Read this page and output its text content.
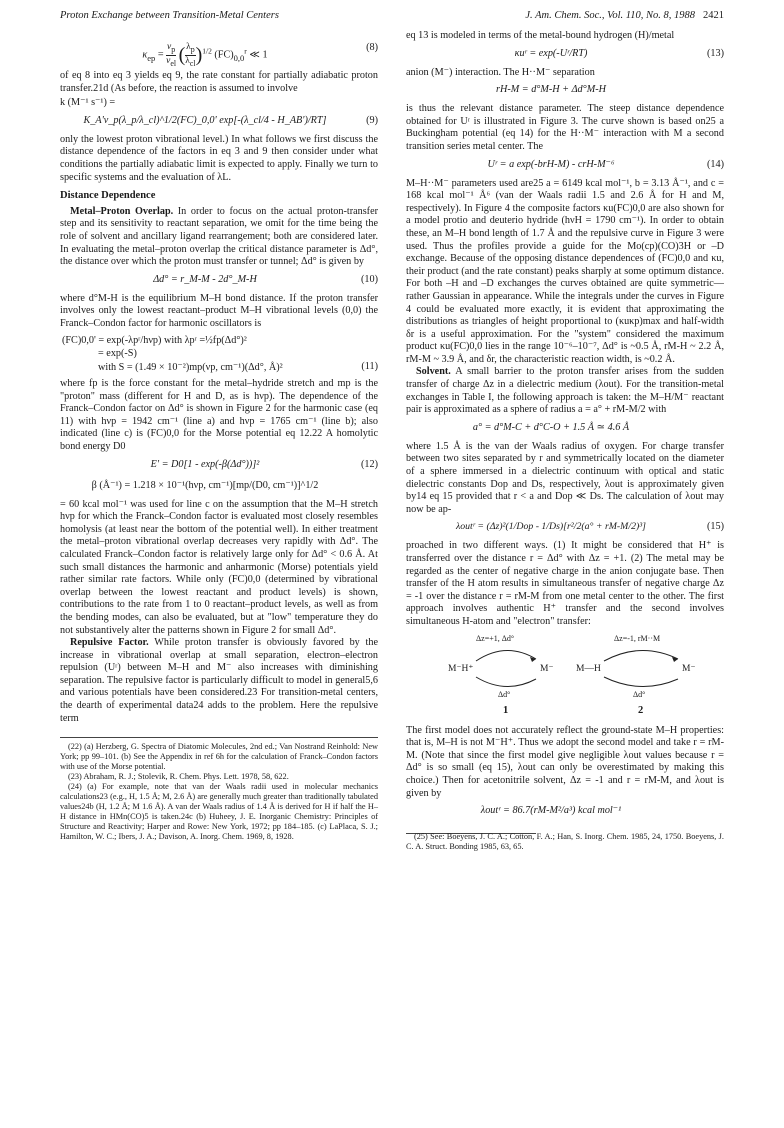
Proton Exchange between Transition-Metal Centers	J. Am. Chem. Soc., Vol. 110, No. 8, 1988 2421
$\kappa_{ep}$ =
$\nu_p$
$\nu_{el}$ ( $\lambda_p$
$\lambda_{cl}$ )$^{1/2}$ $(FC)_{0,0}^r$ ≪ 1
(8)

of eq 8 into eq 3 yields eq 9, the rate constant for partially adiabatic proton transfer.21d (As before, the reaction is assumed to involve

k (M⁻¹ s⁻¹) =

K_A'ν_p(λ_p/λ_cl)^1/2(FC)_0,0' exp[-(λ_cl/4 - H_AB')/RT]	(9)

only the lowest proton vibrational level.) In what follows we first discuss the distance dependence of the factors in eq 3 and 9 then consider under what conditions the partially adiabatic limit is expected to apply. Finally we turn to specific systems and the evaluation of λL.

Distance Dependence

Metal–Proton Overlap. In order to focus on the actual proton-transfer step and its sensitivity to reactant separation, we omit for the time being the role of solvent and ancillary ligand rearrangement; both are considered later. In evaluating the metal–proton overlap the critical distance parameter is Δd°, the distance over which the proton must transfer or tunnel; Δd° is given by

Δd° = r_M-M - 2d°_M-H	(10)

where d°M-H is the equilibrium M–H bond distance. If the proton transfer involves only the lowest reactant–product M–H vibrational levels (0,0) the Franck–Condon factor for harmonic oscillators is

(FC)0,0' = exp(-λpʳ/hνp) with λpʳ =½fp(Δd°)²
= exp(-S)
with S = (1.49 × 10⁻²)mp(νp, cm⁻¹)(Δd°, Å)²	(11)

where fp is the force constant for the metal–hydride stretch and mp is the "proton" mass (different for H and D, as is hνp). The dependence of the Franck–Condon factor on Δd° is shown in Figure 2 for the harmonic case (eq 11) with hνp = 1942 cm⁻¹ (line a) and hνp = 1765 cm⁻¹ (line b); also indicated (line c) is (FC)0,0 for the Morse potential eq 12.22 A homolytic bond energy D0

E' = D0[1 - exp(-β(Δd°))]²	(12)
β (Å⁻¹) = 1.218 × 10⁻¹(hνp, cm⁻¹)[mp/(D0, cm⁻¹)]^1/2

= 60 kcal mol⁻¹ was used for line c on the assumption that the M–H stretch hνp for which the Franck–Condon factor is evaluated most closely resembles homolysis (at least near the bottom of the potential well). In either treatment the metal–proton vibrational overlap decreases very rapidly with Δd°. The calculated Franck–Condon factor is relatively large only for Δd° < 0.6 Å. At such small distances the harmonic and anharmonic (Morse) potentials yield rather similar rate factors. While only (FC)0,0 (determined by vibrational overlap between the lowest reactant and product levels) is shown, contributions to the rate from 1 to 0 reactant–product levels, as well as from the bending modes, can also be evaluated, but at "low" temperature they do not substantively alter the patterns shown in Figure 2 for small Δd°.

Repulsive Factor. While proton transfer is obviously favored by the increase in vibrational overlap at small separation, electron–electron repulsion (Uʳ) between M–H and M⁻ also increases with diminishing separation. The repulsive factor is particularly difficult to model in general5,6 and various potentials have been considered.23 For transition-metal centers, the dearth of experimental data24 adds to the problem. Here the repulsive term

(22) (a) Herzberg, G. Spectra of Diatomic Molecules, 2nd ed.; Van Nostrand Reinhold: New York; pp 99–101. (b) See the Appendix in ref 6h for the calculation of Franck–Condon factors with use of the Morse potential.

(23) Abraham, R. J.; Stolevik, R. Chem. Phys. Lett. 1978, 58, 622.

(24) (a) For example, note that van der Waals radii used in molecular mechanics calculations23 (e.g., H, 1.5 Å; M, 2.6 Å) are generally much greater than traditionally tabulated values24b (H, 1.2 Å; M 1.6 Å). A van der Waals radius of 1.4 Å is derived for H if half the H–H distance in HMn(CO)5 is taken.24c (b) Huheey, J. E. Inorganic Chemistry: Principles of Structure and Reactivity; Harper and Rowe: New York, 1972; pp 184–185. (c) LaPlaca, S. J.; Hamilton, W. C.; Ibers, J. A.; Davison, A. Inorg. Chem. 1969, 8, 1928.

eq 13 is modeled in terms of the metal-bound hydrogen (H)/metal

κuʳ = exp(-Uʳ/RT)	(13)

anion (M⁻) interaction. The H··M⁻ separation

rH-M = d°M-H + Δd°M-H

is thus the relevant distance parameter. The steep distance dependence obtained for Uʳ is illustrated in Figure 3. The curve shown is based on25 a Buckingham potential (eq 14) for the H··M⁻ interaction with M a second transition series metal center. The

Uʳ = a exp(-brH-M) - crH-M⁻⁶	(14)

M–H··M⁻ parameters used are25 a = 6149 kcal mol⁻¹, b = 3.13 Å⁻¹, and c = 168 kcal mol⁻¹ Å⁶ (van der Waals radii 1.5 and 2.6 Å for H and M, respectively). In Figure 4 the composite factors κu(FC)0,0 are also shown for a model protio and deuterio hydride (hνH = 1790 cm⁻¹). In order to obtain these, an M–H bond length of 1.7 Å and the repulsive curve in Figure 3 were used. Thus the profiles provide a guide for the Mo(cp)(CO)3H or –D exchange. Because of the opposing distance dependences of (FC)0,0 and κu, their product (and the rate constant) peaks sharply at some optimum distance. For both –H and –D exchanges the curves obtained are quite symmetric—rather Gaussian in appearance. While the integrals under the curves in Figure 4 could be evaluated more exactly, it is evident that approximating the distributions as triangles of height proportional to (κuκp)max and half-width δr is a useful approximation. For the "system" considered the maximum product κu(FC)0,0 lies in the range 10⁻⁶–10⁻⁷, Δd° is ~0.5 Å, rM-H ~ 2.2 Å, rM-M ~ 3.9 Å, and δr, the characteristic reaction width, is ~0.2 Å.

Solvent. A small barrier to the proton transfer arises from the sudden transfer of charge Δz in a dielectric medium (λout). For the transition-metal exchanges in Table I, the following approach is taken: the M–H/M⁻ reactant pair is approximated as a sphere of radius a = a° + rM-M/2 with

a° = d°M-C + d°C-O + 1.5 Å ≃ 4.6 Å

where 1.5 Å is the van der Waals radius of oxygen. For charge transfer between two sites separated by r and symmetrically located on the diameter of a sphere immersed in a dielectric continuum with optical and static dielectric constants Dop and Ds, respectively, λout is approximately given by14 eq 15 provided that r < a and Dop ≪ Ds. The calculation of λout may now be ap-

λoutʳ = (Δz)²(1/Dop - 1/Ds)[r²/2(a° + rM-M/2)³]	(15)

proached in two different ways. (1) It might be considered that H⁺ is transferred over the distance r = Δd° with Δz = +1. (2) The metal may be regarded as the center of negative charge in the anion conjugate base. Then transfer of the H atom results in simultaneous transfer of negative charge Δz = -1 over the distance r = rM-M from one metal center to the other. The first approach involves authentic H⁺ transfer and the second involves simultaneous H-atom and "electron" transfer:

Δz=+1, Δd°
M⁻H⁺	M⁻
Δd°
1
Δz=-1, rM··M
M—H	M⁻
Δd°
2

The first model does not accurately reflect the ground-state M–H properties: that is, M–H is not M⁻H⁺. Thus we adopt the second model and take r = rM-M. (Note that since the first model give negligible λout values because r = Δd° is so small (eq 15), λout can only be overestimated by making this choice.) Then for acetonitrile solvent, Δz = -1 and r = rM-M, and λout is given by

λoutʳ = 86.7(rM-M²/a³) kcal mol⁻¹

(25) See: Boeyens, J. C. A.; Cotton, F. A.; Han, S. Inorg. Chem. 1985, 24, 1750. Boeyens, J. C. A. Struct. Bonding 1985, 63, 65.
